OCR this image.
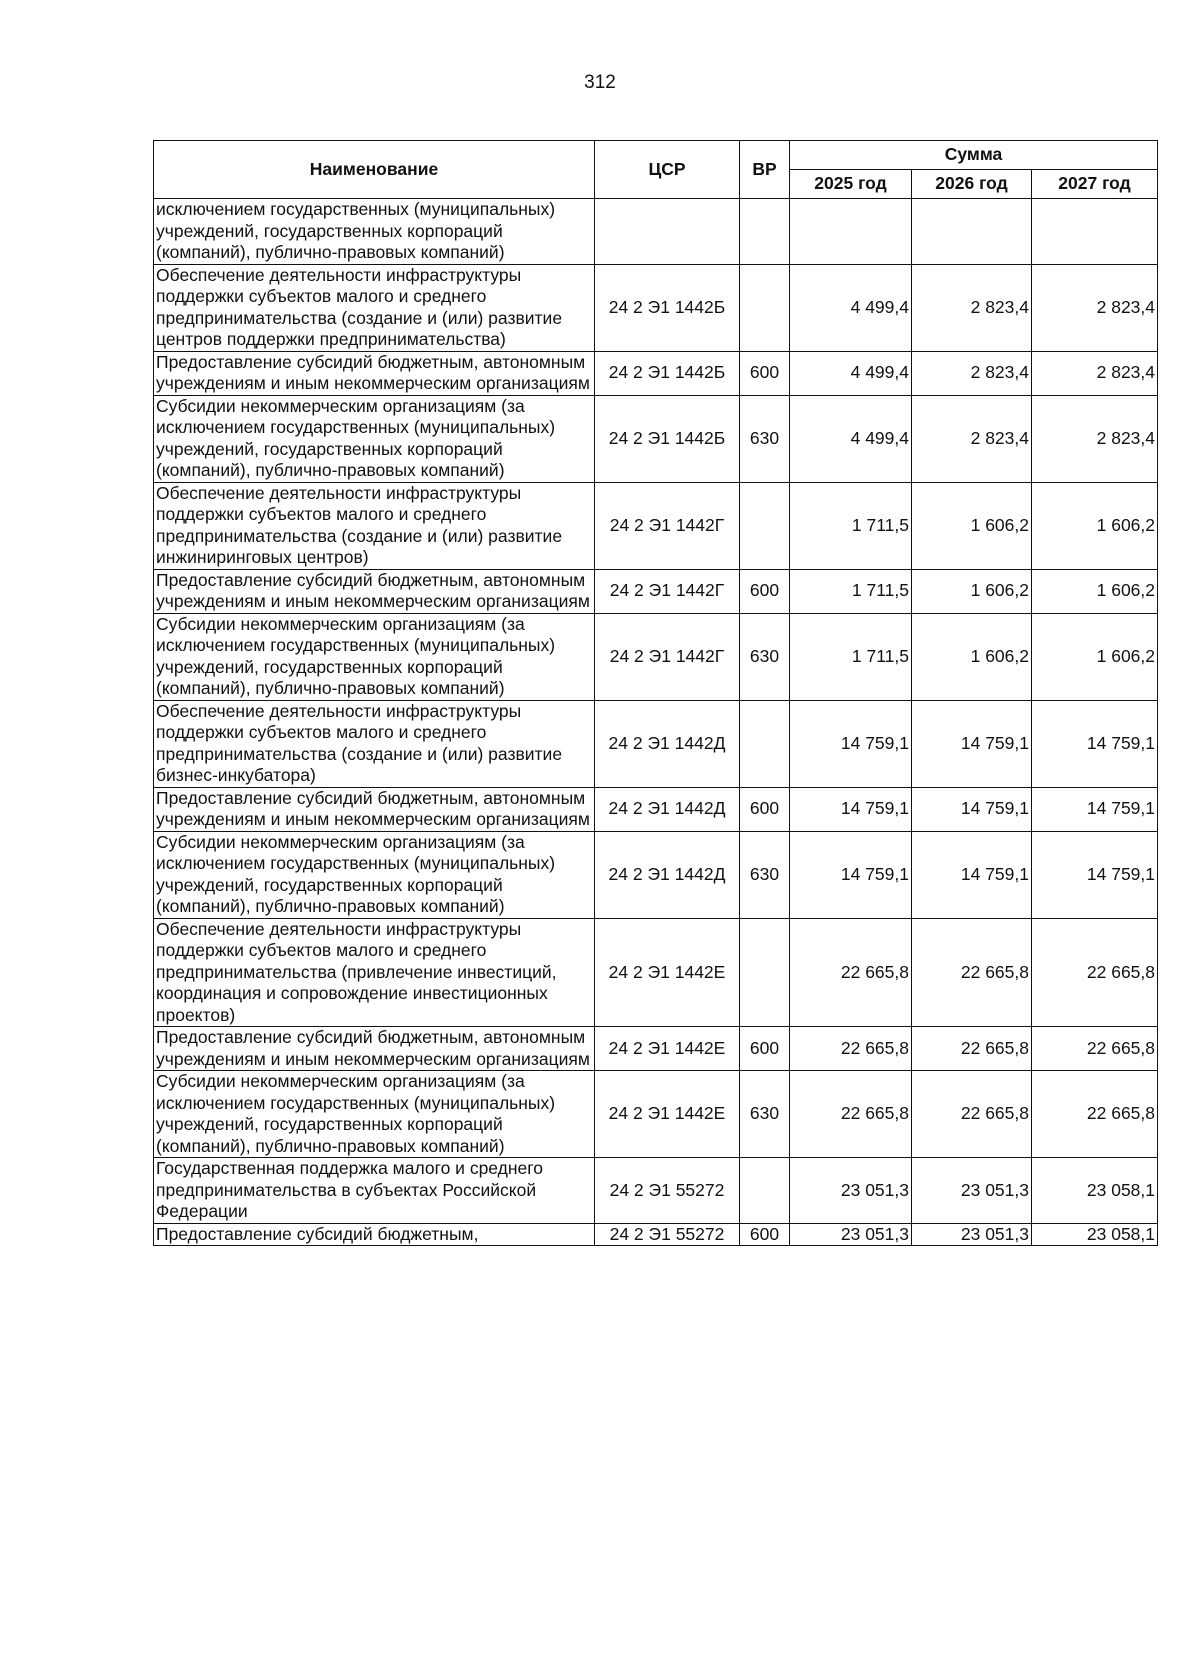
312
Наименование	ЦСР	ВР	Сумма		
			2025 год	2026 год	2027 год
исключением государственных (муниципальных) учреждений, государственных корпораций (компаний), публично-правовых компаний)					
Обеспечение деятельности инфраструктуры поддержки субъектов малого и среднего предпринимательства (создание и (или) развитие центров поддержки предпринимательства)	24 2 Э1 1442Б		4 499,4	2 823,4	2 823,4
Предоставление субсидий бюджетным, автономным учреждениям и иным некоммерческим организациям	24 2 Э1 1442Б	600	4 499,4	2 823,4	2 823,4
Субсидии некоммерческим организациям (за исключением государственных (муниципальных) учреждений, государственных корпораций (компаний), публично-правовых компаний)	24 2 Э1 1442Б	630	4 499,4	2 823,4	2 823,4
Обеспечение деятельности инфраструктуры поддержки субъектов малого и среднего предпринимательства (создание и (или) развитие инжиниринговых центров)	24 2 Э1 1442Г		1 711,5	1 606,2	1 606,2
Предоставление субсидий бюджетным, автономным учреждениям и иным некоммерческим организациям	24 2 Э1 1442Г	600	1 711,5	1 606,2	1 606,2
Субсидии некоммерческим организациям (за исключением государственных (муниципальных) учреждений, государственных корпораций (компаний), публично-правовых компаний)	24 2 Э1 1442Г	630	1 711,5	1 606,2	1 606,2
Обеспечение деятельности инфраструктуры поддержки субъектов малого и среднего предпринимательства (создание и (или) развитие бизнес-инкубатора)	24 2 Э1 1442Д		14 759,1	14 759,1	14 759,1
Предоставление субсидий бюджетным, автономным учреждениям и иным некоммерческим организациям	24 2 Э1 1442Д	600	14 759,1	14 759,1	14 759,1
Субсидии некоммерческим организациям (за исключением государственных (муниципальных) учреждений, государственных корпораций (компаний), публично-правовых компаний)	24 2 Э1 1442Д	630	14 759,1	14 759,1	14 759,1
Обеспечение деятельности инфраструктуры поддержки субъектов малого и среднего предпринимательства (привлечение инвестиций, координация и сопровождение инвестиционных проектов)	24 2 Э1 1442Е		22 665,8	22 665,8	22 665,8
Предоставление субсидий бюджетным, автономным учреждениям и иным некоммерческим организациям	24 2 Э1 1442Е	600	22 665,8	22 665,8	22 665,8
Субсидии некоммерческим организациям (за исключением государственных (муниципальных) учреждений, государственных корпораций (компаний), публично-правовых компаний)	24 2 Э1 1442Е	630	22 665,8	22 665,8	22 665,8
Государственная поддержка малого и среднего предпринимательства в субъектах Российской Федерации	24 2 Э1 55272		23 051,3	23 051,3	23 058,1
Предоставление субсидий бюджетным,	24 2 Э1 55272	600	23 051,3	23 051,3	23 058,1
